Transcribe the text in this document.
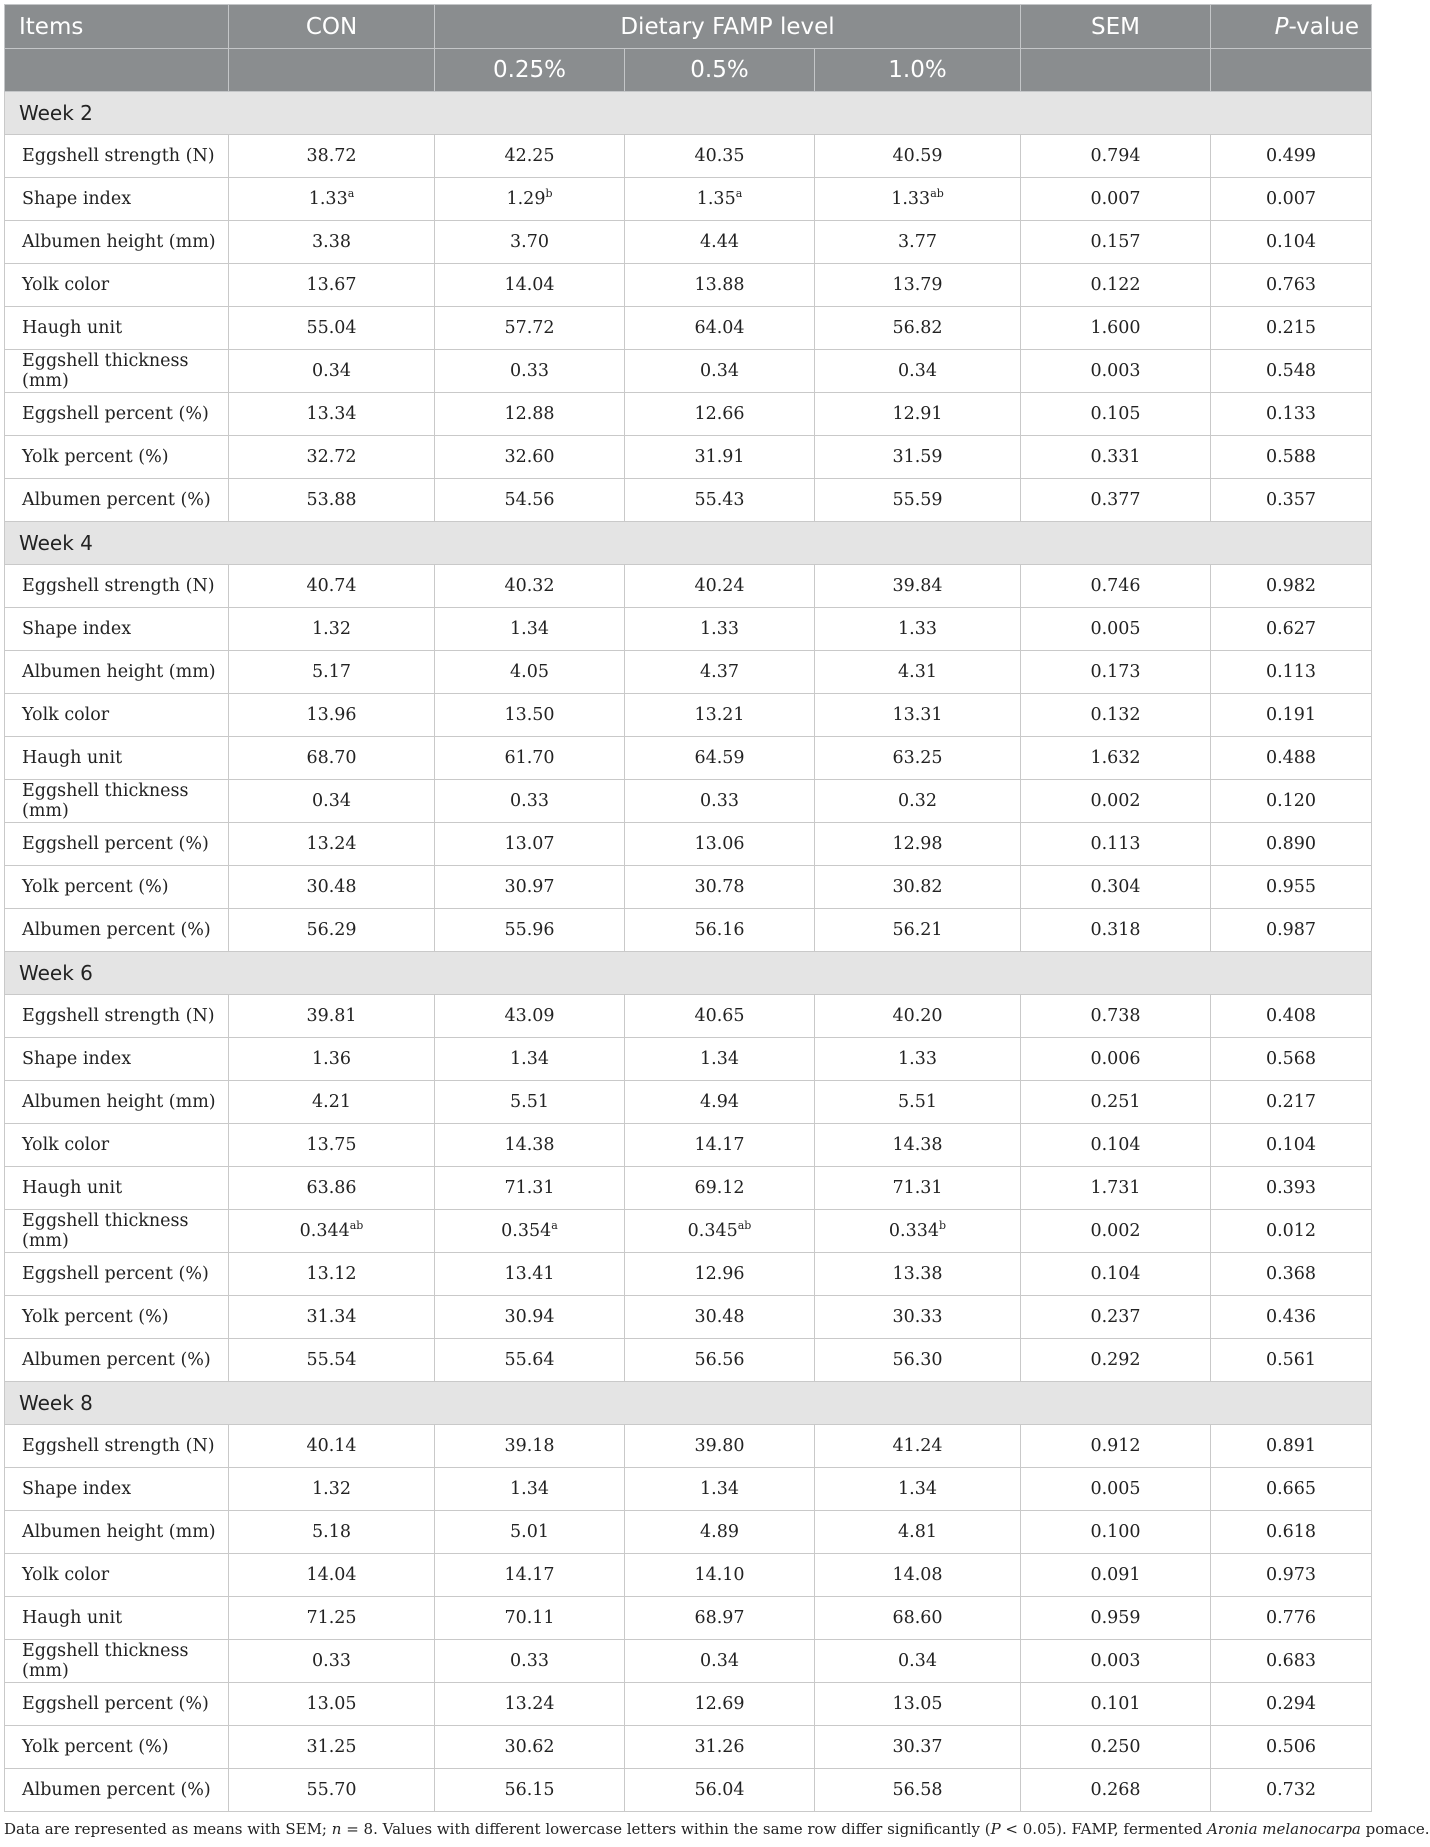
Items	CON	Dietary FAMP level			SEM	P-value
		0.25%	0.5%	1.0%		
Week 2						
Eggshell strength (N)	38.72	42.25	40.35	40.59	0.794	0.499
Shape index	1.33$^a$	1.29$^b$	1.35$^a$	1.33$^{ab}$	0.007	0.007
Albumen height (mm)	3.38	3.70	4.44	3.77	0.157	0.104
Yolk color	13.67	14.04	13.88	13.79	0.122	0.763
Haugh unit	55.04	57.72	64.04	56.82	1.600	0.215
Eggshell thickness (mm)	0.34	0.33	0.34	0.34	0.003	0.548
Eggshell percent (%)	13.34	12.88	12.66	12.91	0.105	0.133
Yolk percent (%)	32.72	32.60	31.91	31.59	0.331	0.588
Albumen percent (%)	53.88	54.56	55.43	55.59	0.377	0.357
Week 4						
Eggshell strength (N)	40.74	40.32	40.24	39.84	0.746	0.982
Shape index	1.32	1.34	1.33	1.33	0.005	0.627
Albumen height (mm)	5.17	4.05	4.37	4.31	0.173	0.113
Yolk color	13.96	13.50	13.21	13.31	0.132	0.191
Haugh unit	68.70	61.70	64.59	63.25	1.632	0.488
Eggshell thickness (mm)	0.34	0.33	0.33	0.32	0.002	0.120
Eggshell percent (%)	13.24	13.07	13.06	12.98	0.113	0.890
Yolk percent (%)	30.48	30.97	30.78	30.82	0.304	0.955
Albumen percent (%)	56.29	55.96	56.16	56.21	0.318	0.987
Week 6						
Eggshell strength (N)	39.81	43.09	40.65	40.20	0.738	0.408
Shape index	1.36	1.34	1.34	1.33	0.006	0.568
Albumen height (mm)	4.21	5.51	4.94	5.51	0.251	0.217
Yolk color	13.75	14.38	14.17	14.38	0.104	0.104
Haugh unit	63.86	71.31	69.12	71.31	1.731	0.393
Eggshell thickness (mm)	0.344$^{ab}$	0.354$^a$	0.345$^{ab}$	0.334$^b$	0.002	0.012
Eggshell percent (%)	13.12	13.41	12.96	13.38	0.104	0.368
Yolk percent (%)	31.34	30.94	30.48	30.33	0.237	0.436
Albumen percent (%)	55.54	55.64	56.56	56.30	0.292	0.561
Week 8						
Eggshell strength (N)	40.14	39.18	39.80	41.24	0.912	0.891
Shape index	1.32	1.34	1.34	1.34	0.005	0.665
Albumen height (mm)	5.18	5.01	4.89	4.81	0.100	0.618
Yolk color	14.04	14.17	14.10	14.08	0.091	0.973
Haugh unit	71.25	70.11	68.97	68.60	0.959	0.776
Eggshell thickness (mm)	0.33	0.33	0.34	0.34	0.003	0.683
Eggshell percent (%)	13.05	13.24	12.69	13.05	0.101	0.294
Yolk percent (%)	31.25	30.62	31.26	30.37	0.250	0.506
Albumen percent (%)	55.70	56.15	56.04	56.58	0.268	0.732
Data are represented as means with SEM; n = 8. Values with different lowercase letters within the same row differ significantly (P < 0.05). FAMP, fermented Aronia melanocarpa pomace.
